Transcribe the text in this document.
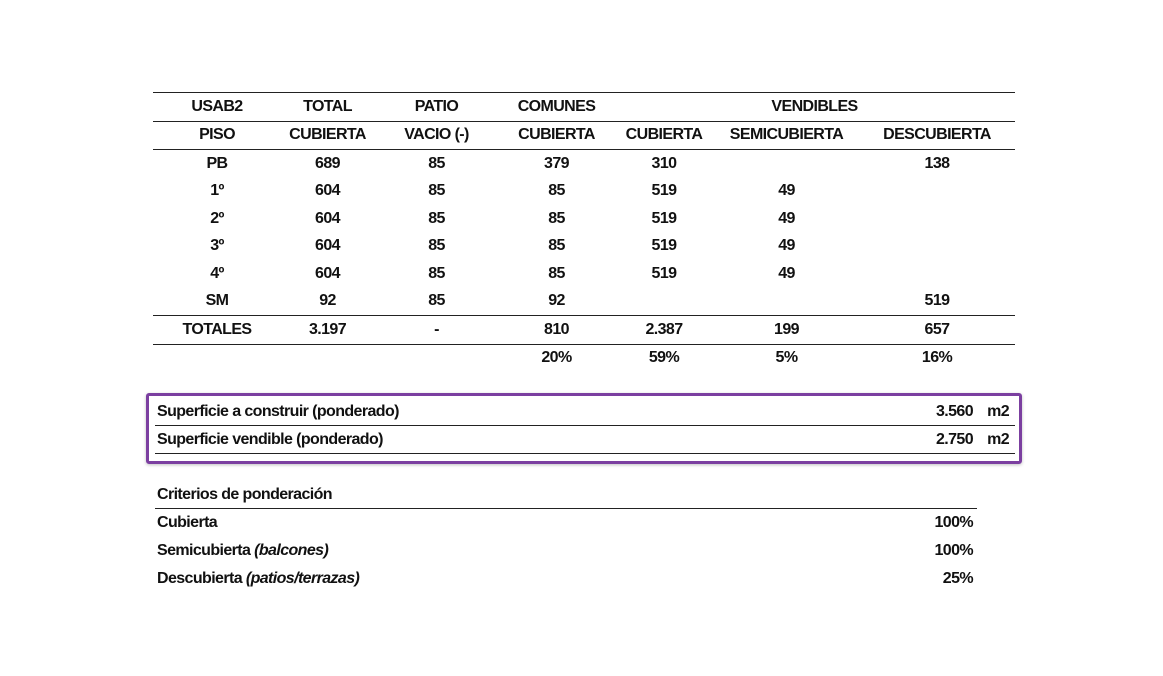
USAB2	TOTAL	PATIO	COMUNES	VENDIBLES		
PISO	CUBIERTA	VACIO (-)	CUBIERTA	CUBIERTA	SEMICUBIERTA	DESCUBIERTA
PB	689	85	379	310		138
1º	604	85	85	519	49	
2º	604	85	85	519	49	
3º	604	85	85	519	49	
4º	604	85	85	519	49	
SM	92	85	92			519
TOTALES	3.197	-	810	2.387	199	657
			20%	59%	5%	16%
Superficie a construir (ponderado)	3.560 m2
Superficie vendible (ponderado)	2.750 m2
Criterios de ponderación
Cubierta	100%
Semicubierta (balcones)	100%
Descubierta (patios/terrazas)	25%
